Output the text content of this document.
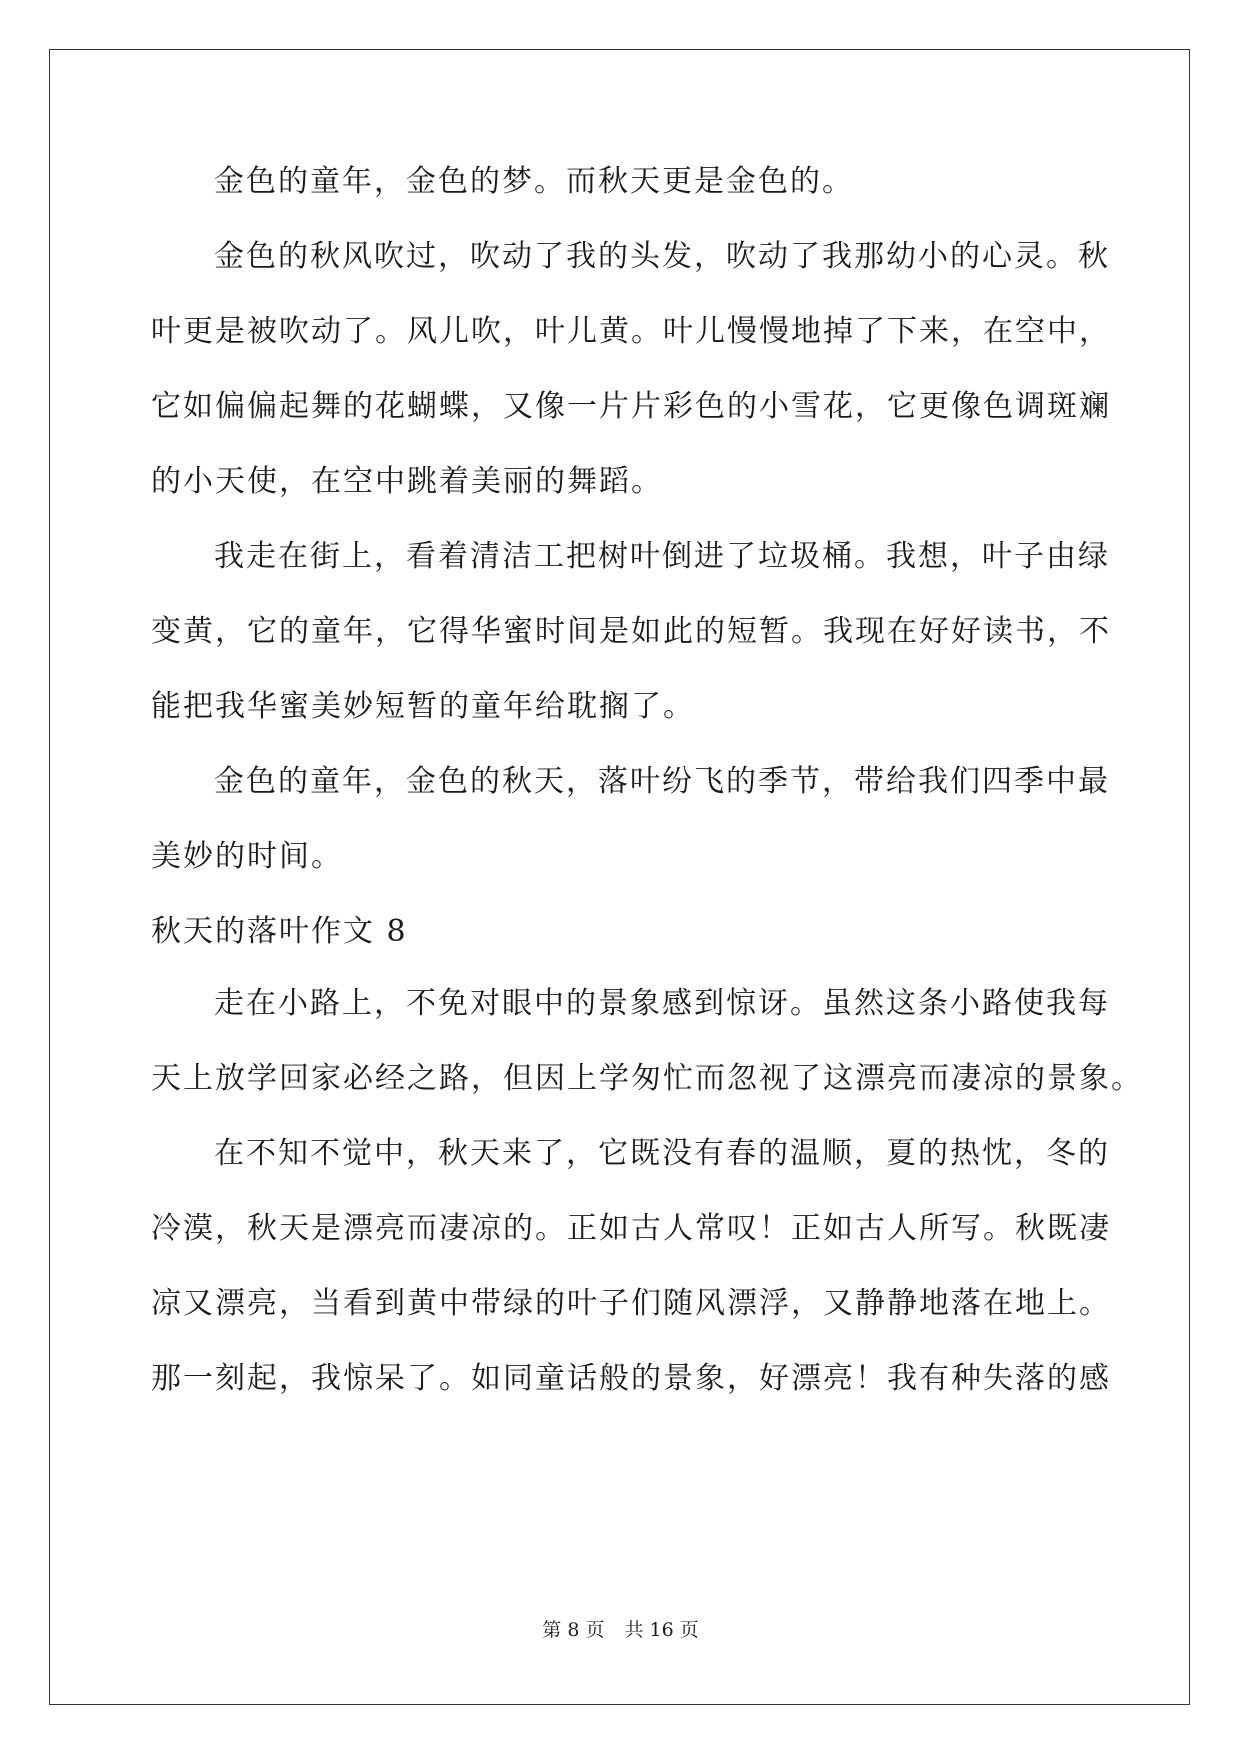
金色的童年，金色的梦。而秋天更是金色的。
金色的秋风吹过，吹动了我的头发，吹动了我那幼小的心灵。秋
叶更是被吹动了。风儿吹，叶儿黄。叶儿慢慢地掉了下来，在空中，
它如偏偏起舞的花蝴蝶，又像一片片彩色的小雪花，它更像色调斑斓
的小天使，在空中跳着美丽的舞蹈。
我走在街上，看着清洁工把树叶倒进了垃圾桶。我想，叶子由绿
变黄，它的童年，它得华蜜时间是如此的短暂。我现在好好读书，不
能把我华蜜美妙短暂的童年给耽搁了。
金色的童年，金色的秋天，落叶纷飞的季节，带给我们四季中最
美妙的时间。
秋天的落叶作文 8
走在小路上，不免对眼中的景象感到惊讶。虽然这条小路使我每
天上放学回家必经之路，但因上学匆忙而忽视了这漂亮而凄凉的景象。
在不知不觉中，秋天来了，它既没有春的温顺，夏的热忱，冬的
冷漠，秋天是漂亮而凄凉的。正如古人常叹！正如古人所写。秋既凄
凉又漂亮，当看到黄中带绿的叶子们随风漂浮，又静静地落在地上。
那一刻起，我惊呆了。如同童话般的景象，好漂亮！我有种失落的感
第 8 页 共 16 页
